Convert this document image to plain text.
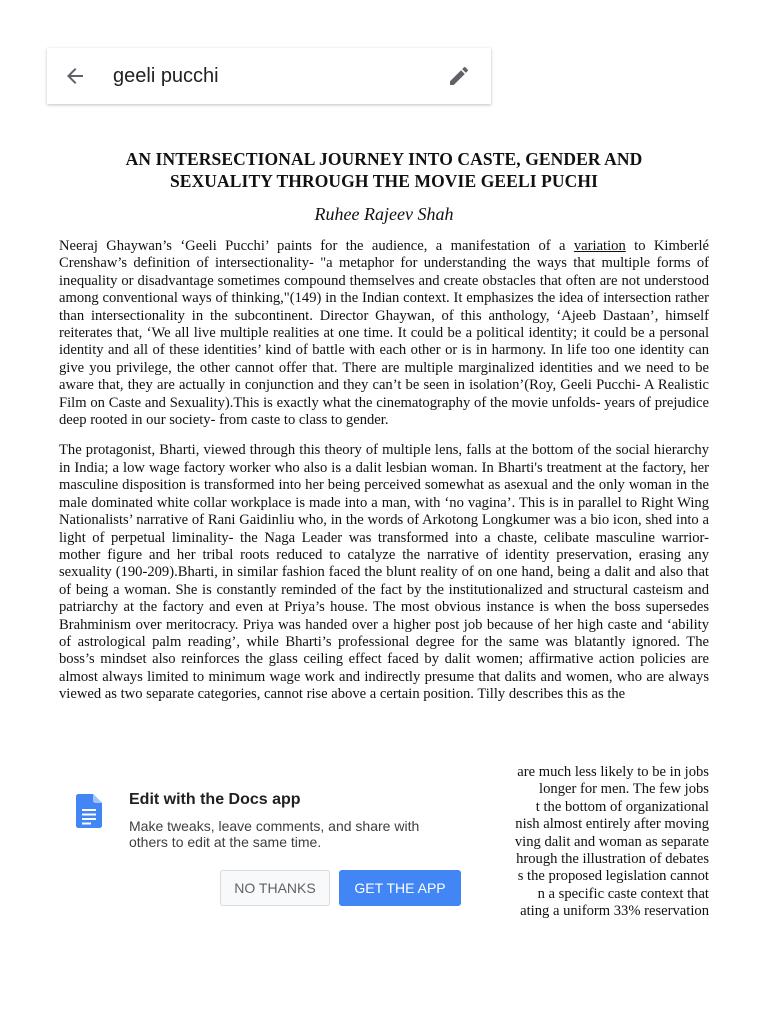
geeli pucchi
AN INTERSECTIONAL JOURNEY INTO CASTE, GENDER AND
SEXUALITY THROUGH THE MOVIE GEELI PUCHI
Ruhee Rajeev Shah

Neeraj Ghaywan’s ‘Geeli Pucchi’ paints for the audience, a manifestation of a variation to Kimberlé Crenshaw’s definition of intersectionality- "a metaphor for understanding the ways that multiple forms of inequality or disadvantage sometimes compound themselves and create obstacles that often are not understood among conventional ways of thinking,"(149) in the Indian context. It emphasizes the idea of intersection rather than intersectionality in the subcontinent. Director Ghaywan, of this anthology, ‘Ajeeb Dastaan’, himself reiterates that, ‘We all live multiple realities at one time. It could be a political identity; it could be a personal identity and all of these identities’ kind of battle with each other or is in harmony. In life too one identity can give you privilege, the other cannot offer that. There are multiple marginalized identities and we need to be aware that, they are actually in conjunction and they can’t be seen in isolation’(Roy, Geeli Pucchi- A Realistic Film on Caste and Sexuality).This is exactly what the cinematography of the movie unfolds- years of prejudice deep rooted in our society- from caste to class to gender.

The protagonist, Bharti, viewed through this theory of multiple lens, falls at the bottom of the social hierarchy in India; a low wage factory worker who also is a dalit lesbian woman. In Bharti's treatment at the factory, her masculine disposition is transformed into her being perceived somewhat as asexual and the only woman in the male dominated white collar workplace is made into a man, with ‘no vagina’. This is in parallel to Right Wing Nationalists’ narrative of Rani Gaidinliu who, in the words of Arkotong Longkumer was a bio icon, shed into a light of perpetual liminality- the Naga Leader was transformed into a chaste, celibate masculine warrior-mother figure and her tribal roots reduced to catalyze the narrative of identity preservation, erasing any sexuality (190-209).Bharti, in similar fashion faced the blunt reality of on one hand, being a dalit and also that of being a woman. She is constantly reminded of the fact by the institutionalized and structural casteism and patriarchy at the factory and even at Priya’s house. The most obvious instance is when the boss supersedes Brahminism over meritocracy. Priya was handed over a higher post job because of her high caste and ‘ability of astrological palm reading’, while Bharti’s professional degree for the same was blatantly ignored. The boss’s mindset also reinforces the glass ceiling effect faced by dalit women; affirmative action policies are almost always limited to minimum wage work and indirectly presume that dalits and women, who are always viewed as two separate categories, cannot rise above a certain position. Tilly describes this as the

are much less likely to be in jobs
longer for men. The few jobs
t the bottom of organizational
nish almost entirely after moving
ving dalit and woman as separate
hrough the illustration of debates
s the proposed legislation cannot
n a specific caste context that
ating a uniform 33% reservation
Edit with the Docs app
Make tweaks, leave comments, and share with others to edit at the same time.
NO THANKS	GET THE APP
